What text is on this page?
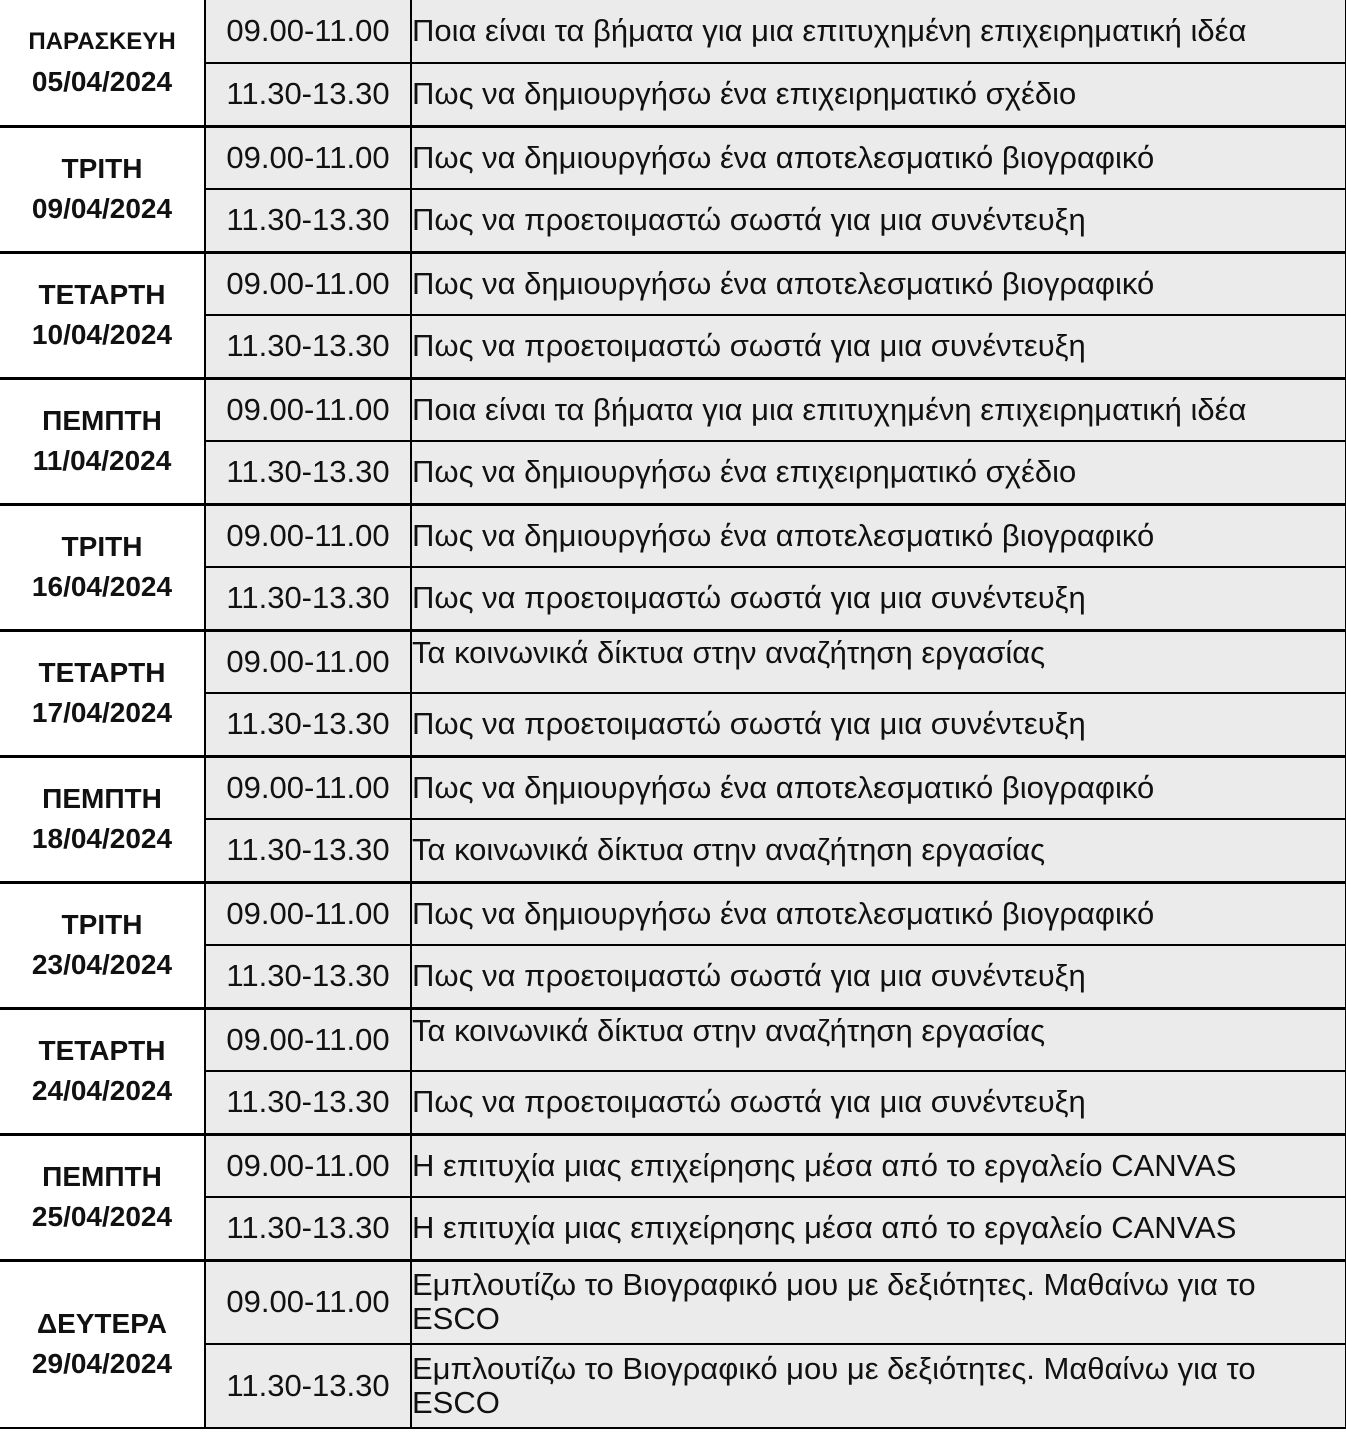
ΠΑΡΑΣΚΕΥΗ
05/04/2024	09.00-11.00	Ποια είναι τα βήματα για μια επιτυχημένη επιχειρηματική ιδέα
	11.30-13.30	Πως να δημιουργήσω ένα επιχειρηματικό σχέδιο

ΤΡΙΤΗ
09/04/2024	09.00-11.00	Πως να δημιουργήσω ένα αποτελεσματικό βιογραφικό
	11.30-13.30	Πως να προετοιμαστώ σωστά για μια συνέντευξη

ΤΕΤΑΡΤΗ
10/04/2024	09.00-11.00	Πως να δημιουργήσω ένα αποτελεσματικό βιογραφικό
	11.30-13.30	Πως να προετοιμαστώ σωστά για μια συνέντευξη

ΠΕΜΠΤΗ
11/04/2024	09.00-11.00	Ποια είναι τα βήματα για μια επιτυχημένη επιχειρηματική ιδέα
	11.30-13.30	Πως να δημιουργήσω ένα επιχειρηματικό σχέδιο

ΤΡΙΤΗ
16/04/2024	09.00-11.00	Πως να δημιουργήσω ένα αποτελεσματικό βιογραφικό
	11.30-13.30	Πως να προετοιμαστώ σωστά για μια συνέντευξη

ΤΕΤΑΡΤΗ
17/04/2024	09.00-11.00	Τα κοινωνικά δίκτυα στην αναζήτηση εργασίας
	11.30-13.30	Πως να προετοιμαστώ σωστά για μια συνέντευξη

ΠΕΜΠΤΗ
18/04/2024	09.00-11.00	Πως να δημιουργήσω ένα αποτελεσματικό βιογραφικό
	11.30-13.30	Τα κοινωνικά δίκτυα στην αναζήτηση εργασίας

ΤΡΙΤΗ
23/04/2024	09.00-11.00	Πως να δημιουργήσω ένα αποτελεσματικό βιογραφικό
	11.30-13.30	Πως να προετοιμαστώ σωστά για μια συνέντευξη

ΤΕΤΑΡΤΗ
24/04/2024	09.00-11.00	Τα κοινωνικά δίκτυα στην αναζήτηση εργασίας
	11.30-13.30	Πως να προετοιμαστώ σωστά για μια συνέντευξη

ΠΕΜΠΤΗ
25/04/2024	09.00-11.00	Η επιτυχία μιας επιχείρησης μέσα από το εργαλείο CANVAS
	11.30-13.30	Η επιτυχία μιας επιχείρησης μέσα από το εργαλείο CANVAS

ΔΕΥΤΕΡΑ
29/04/2024	09.00-11.00	Εμπλουτίζω το Βιογραφικό μου με δεξιότητες. Μαθαίνω για το ESCO
	11.30-13.30	Εμπλουτίζω το Βιογραφικό μου με δεξιότητες. Μαθαίνω για το ESCO
